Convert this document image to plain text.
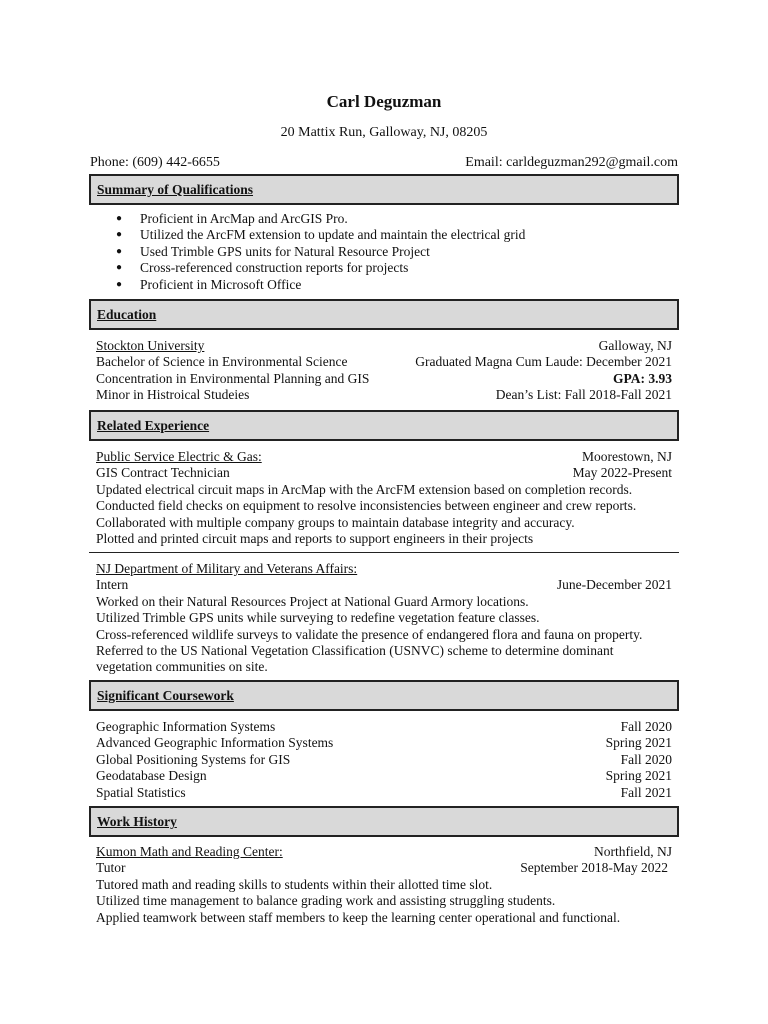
Carl Deguzman
20 Mattix Run, Galloway, NJ, 08205
Phone: (609) 442-6655	Email: carldeguzman292@gmail.com
Summary of Qualifications
● Proficient in ArcMap and ArcGIS Pro.
● Utilized the ArcFM extension to update and maintain the electrical grid
● Used Trimble GPS units for Natural Resource Project
● Cross-referenced construction reports for projects
● Proficient in Microsoft Office
Education
Stockton University	Galloway, NJ
Bachelor of Science in Environmental Science	Graduated Magna Cum Laude: December 2021
Concentration in Environmental Planning and GIS	GPA: 3.93
Minor in Histroical Studeies	Dean’s List: Fall 2018-Fall 2021
Related Experience
Public Service Electric & Gas:	Moorestown, NJ
GIS Contract Technician	May 2022-Present
Updated electrical circuit maps in ArcMap with the ArcFM extension based on completion records.
Conducted field checks on equipment to resolve inconsistencies between engineer and crew reports.
Collaborated with multiple company groups to maintain database integrity and accuracy.
Plotted and printed circuit maps and reports to support engineers in their projects
NJ Department of Military and Veterans Affairs:
Intern	June-December 2021
Worked on their Natural Resources Project at National Guard Armory locations.
Utilized Trimble GPS units while surveying to redefine vegetation feature classes.
Cross-referenced wildlife surveys to validate the presence of endangered flora and fauna on property.
Referred to the US National Vegetation Classification (USNVC) scheme to determine dominant
vegetation communities on site.
Significant Coursework
Geographic Information Systems	Fall 2020
Advanced Geographic Information Systems	Spring 2021
Global Positioning Systems for GIS	Fall 2020
Geodatabase Design	Spring 2021
Spatial Statistics	Fall 2021
Work History
Kumon Math and Reading Center:	Northfield, NJ
Tutor	September 2018-May 2022
Tutored math and reading skills to students within their allotted time slot.
Utilized time management to balance grading work and assisting struggling students.
Applied teamwork between staff members to keep the learning center operational and functional.
